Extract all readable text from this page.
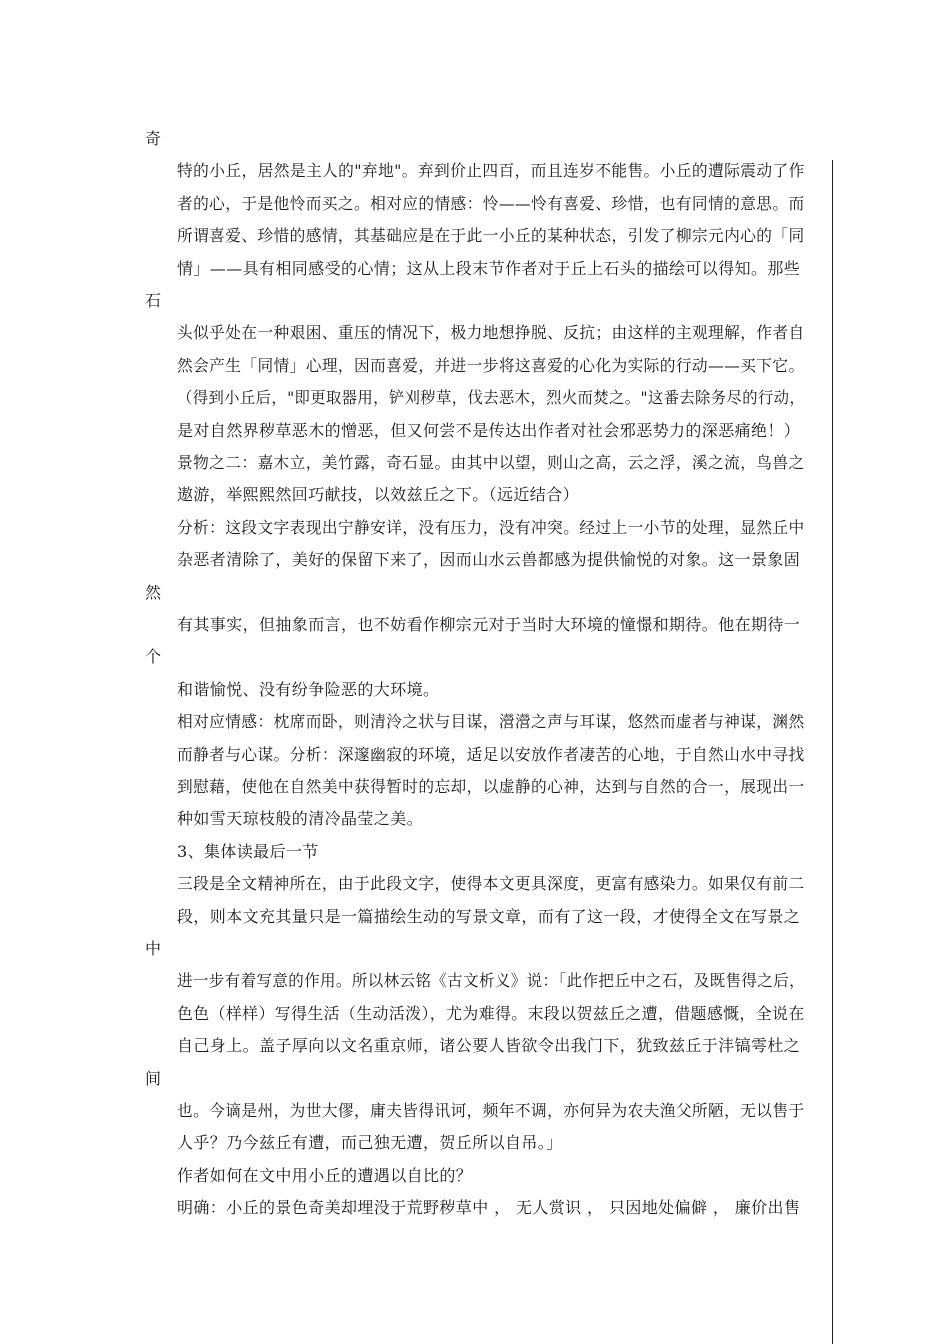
奇
特的小丘，居然是主人的"弃地"。弃到价止四百，而且连岁不能售。小丘的遭际震动了作
者的心，于是他怜而买之。相对应的情感：怜——怜有喜爱、珍惜，也有同情的意思。而
所谓喜爱、珍惜的感情，其基础应是在于此一小丘的某种状态，引发了柳宗元内心的「同
情」——具有相同感受的心情；这从上段末节作者对于丘上石头的描绘可以得知。那些
石
头似乎处在一种艰困、重压的情况下，极力地想挣脱、反抗；由这样的主观理解，作者自
然会产生「同情」心理，因而喜爱，并进一步将这喜爱的心化为实际的行动——买下它。
（得到小丘后，"即更取器用，铲刈秽草，伐去恶木，烈火而焚之。"这番去除务尽的行动，
是对自然界秽草恶木的憎恶，但又何尝不是传达出作者对社会邪恶势力的深恶痛绝！）
景物之二：嘉木立，美竹露，奇石显。由其中以望，则山之高，云之浮，溪之流，鸟兽之
遨游，举熙熙然回巧献技，以效兹丘之下。（远近结合）
分析：这段文字表现出宁静安详，没有压力，没有冲突。经过上一小节的处理，显然丘中
杂恶者清除了，美好的保留下来了，因而山水云兽都感为提供愉悦的对象。这一景象固
然
有其事实，但抽象而言，也不妨看作柳宗元对于当时大环境的憧憬和期待。他在期待一
个
和谐愉悦、没有纷争险恶的大环境。
相对应情感：枕席而卧，则清泠之状与目谋，瀯瀯之声与耳谋，悠然而虚者与神谋，渊然
而静者与心谋。分析：深邃幽寂的环境，适足以安放作者凄苦的心地，于自然山水中寻找
到慰藉，使他在自然美中获得暂时的忘却，以虚静的心神，达到与自然的合一，展现出一
种如雪天琼枝般的清冷晶莹之美。
3、集体读最后一节
三段是全文精神所在，由于此段文字，使得本文更具深度，更富有感染力。如果仅有前二
段，则本文充其量只是一篇描绘生动的写景文章，而有了这一段，才使得全文在写景之
中
进一步有着写意的作用。所以林云铭《古文析义》说：「此作把丘中之石，及既售得之后，
色色（样样）写得生活（生动活泼），尤为难得。末段以贺兹丘之遭，借题感慨，全说在
自己身上。盖子厚向以文名重京师，诸公要人皆欲令出我门下，犹致兹丘于沣镐雩杜之
间
也。今谪是州，为世大僇，庸夫皆得讯诃，频年不调，亦何异为农夫渔父所陋，无以售于
人乎？乃今兹丘有遭，而己独无遭，贺丘所以自吊。」
作者如何在文中用小丘的遭遇以自比的？
明确：小丘的景色奇美却埋没于荒野秽草中 ， 无人赏识 ， 只因地处偏僻 ， 廉价出售
